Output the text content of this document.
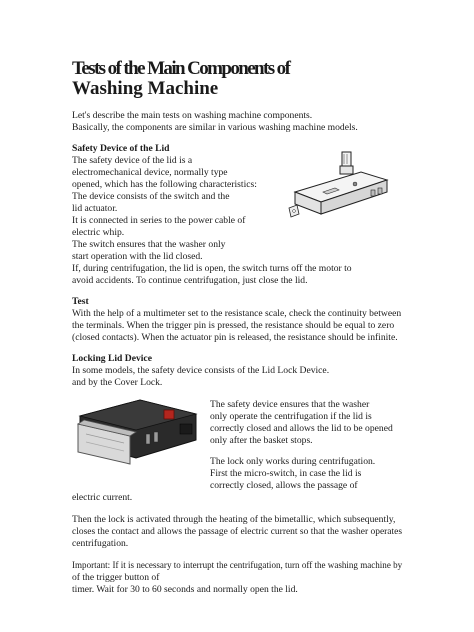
Tests of the Main Components of
Washing Machine
Let's describe the main tests on washing machine components.
Basically, the components are similar in various washing machine models.
Safety Device of the Lid
The safety device of the lid is a
electromechanical device, normally type
opened, which has the following characteristics:
The device consists of the switch and the
lid actuator.
It is connected in series to the power cable of
electric whip.
The switch ensures that the washer only
start operation with the lid closed.
If, during centrifugation, the lid is open, the switch turns off the motor to
avoid accidents. To continue centrifugation, just close the lid.
Test
With the help of a multimeter set to the resistance scale, check the continuity between
the terminals. When the trigger pin is pressed, the resistance should be equal to zero
(closed contacts). When the actuator pin is released, the resistance should be infinite.
Locking Lid Device
In some models, the safety device consists of the Lid Lock Device.
and by the Cover Lock.
The safety device ensures that the washer
only operate the centrifugation if the lid is
correctly closed and allows the lid to be opened
only after the basket stops.
The lock only works during centrifugation.
First the micro-switch, in case the lid is
correctly closed, allows the passage of
electric current.
Then the lock is activated through the heating of the bimetallic, which subsequently,
closes the contact and allows the passage of electric current so that the washer operates
centrifugation.
Important: If it is necessary to interrupt the centrifugation, turn off the washing machine by
of the trigger button of
timer. Wait for 30 to 60 seconds and normally open the lid.
